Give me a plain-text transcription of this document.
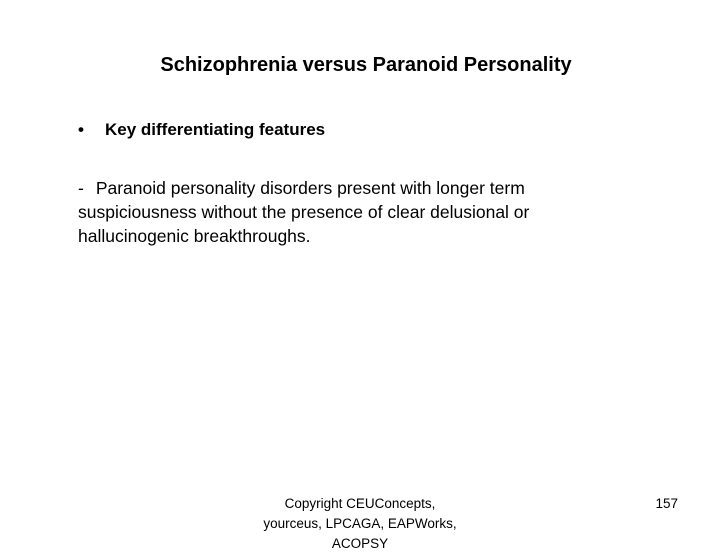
Schizophrenia versus Paranoid Personality
• Key differentiating features
- Paranoid personality disorders present with longer term suspiciousness without the presence of clear delusional or hallucinogenic breakthroughs.
Copyright CEUConcepts,
yourceus, LPCAGA, EAPWorks,
ACOPSY
157
